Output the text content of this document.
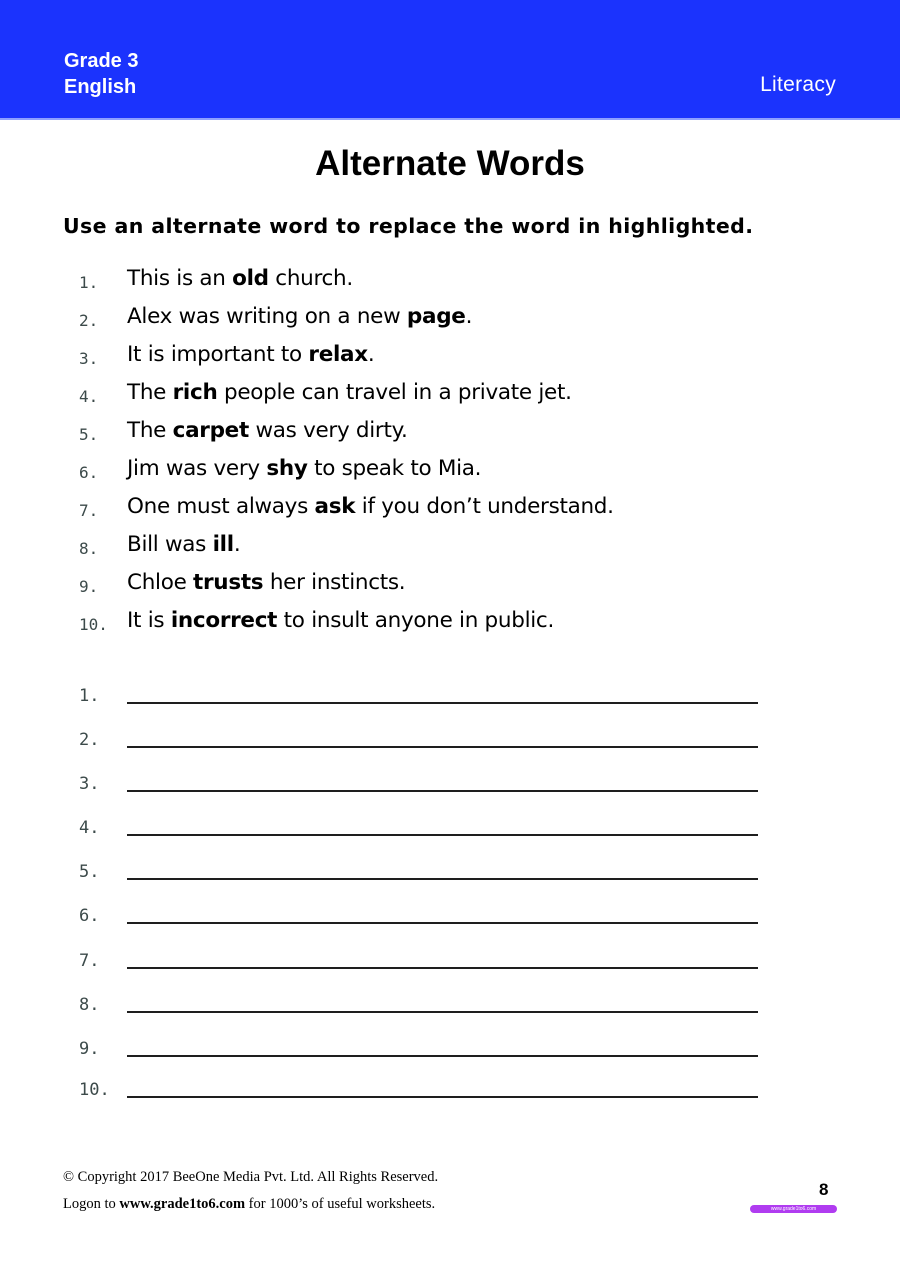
Grade 3
English	Literacy
Alternate Words
Use an alternate word to replace the word in highlighted.
1. This is an old church.
2. Alex was writing on a new page.
3. It is important to relax.
4. The rich people can travel in a private jet.
5. The carpet was very dirty.
6. Jim was very shy to speak to Mia.
7. One must always ask if you don’t understand.
8. Bill was ill.
9. Chloe trusts her instincts.
10. It is incorrect to insult anyone in public.
1.
2.
3.
4.
5.
6.
7.
8.
9.
10.
© Copyright 2017 BeeOne Media Pvt. Ltd. All Rights Reserved.
Logon to www.grade1to6.com for 1000’s of useful worksheets.
8
www.grade1to6.com
